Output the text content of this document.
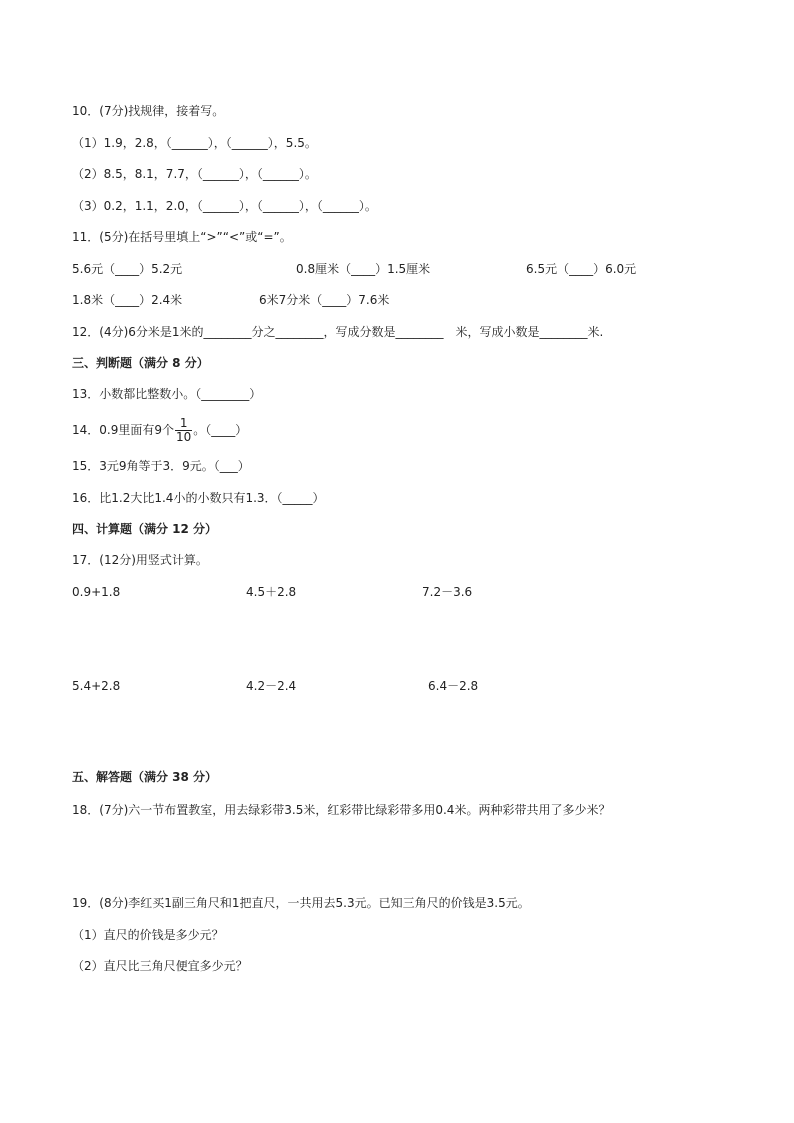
10．(7分)找规律，接着写。
（1）1.9，2.8，（______），（______），5.5。
（2）8.5，8.1，7.7，（______），（______）。
（3）0.2，1.1，2.0，（______），（______），（______）。
11．(5分)在括号里填上“>”“<”或“=”。
5.6元（____）5.2元	0.8厘米（____）1.5厘米	6.5元（____）6.0元
1.8米（____）2.4米	6米7分米（____）7.6米
12．(4分)6分米是1米的________分之________，写成分数是________　米，写成小数是________米.
三、判断题（满分 8 分）
13．小数都比整数小。（________）
14．0.9里面有9个 $\frac{1}{10}$ 。（____）
15．3元9角等于3．9元。（___）
16．比1.2大比1.4小的小数只有1.3．（_____）
四、计算题（满分 12 分）
17．(12分)用竖式计算。
0.9+1.8	4.5＋2.8	7.2－3.6
5.4+2.8	4.2－2.4	6.4－2.8
五、解答题（满分 38 分）
18．(7分)六一节布置教室，用去绿彩带3.5米，红彩带比绿彩带多用0.4米。两种彩带共用了多少米？
19．(8分)李红买1副三角尺和1把直尺，一共用去5.3元。已知三角尺的价钱是3.5元。
（1）直尺的价钱是多少元？
（2）直尺比三角尺便宜多少元？
